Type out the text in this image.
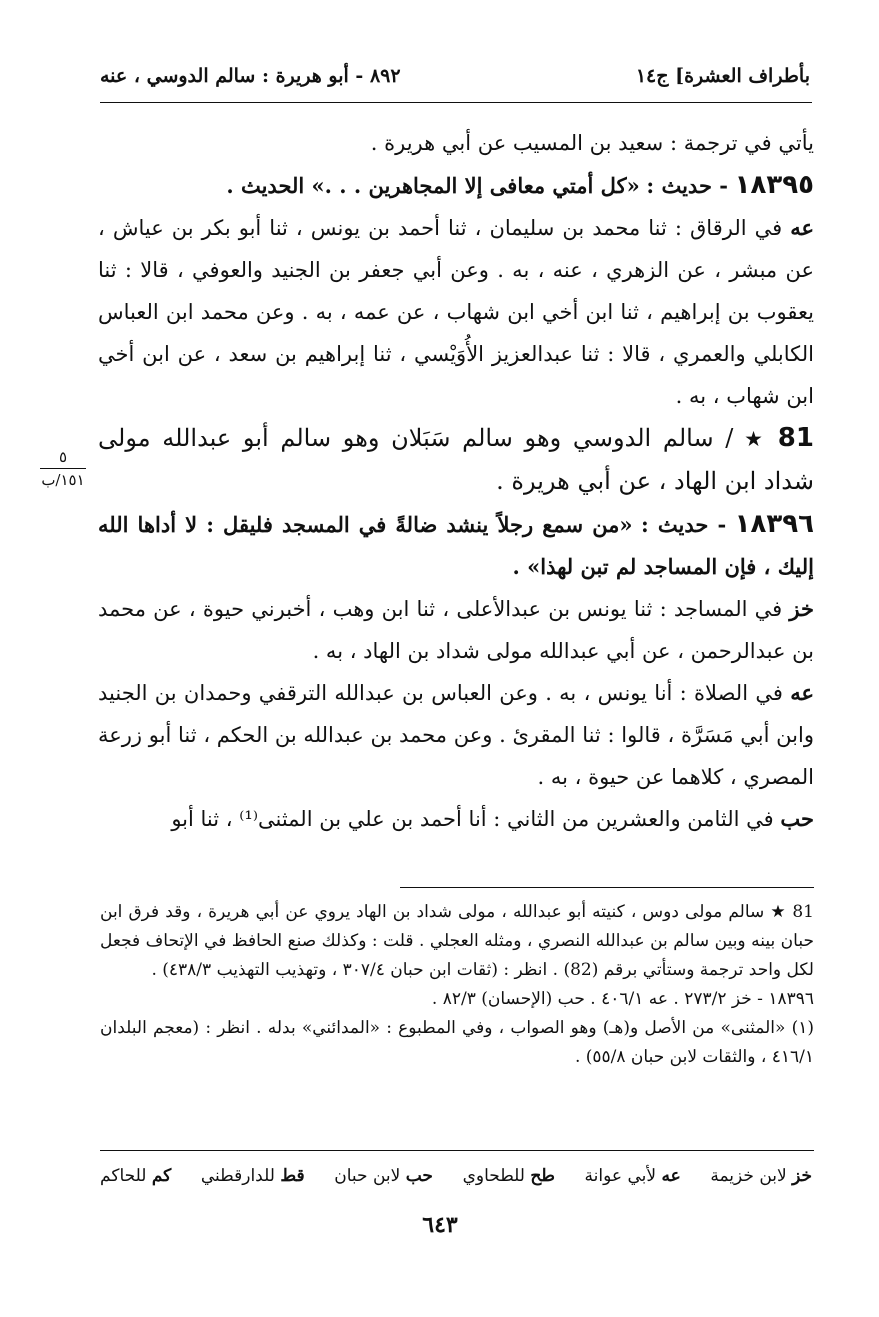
بأطراف العشرة] ج١٤
٨٩٢ - أبو هريرة : سالم الدوسي ، عنه

يأتي في ترجمة : سعيد بن المسيب عن أبي هريرة .

١٨٣٩٥ - حديث : «كل أمتي معافى إلا المجاهرين . . .» الحديث .

عه في الرقاق : ثنا محمد بن سليمان ، ثنا أحمد بن يونس ، ثنا أبو بكر بن عياش ، عن مبشر ، عن الزهري ، عنه ، به . وعن أبي جعفر بن الجنيد والعوفي ، قالا : ثنا يعقوب بن إبراهيم ، ثنا ابن أخي ابن شهاب ، عن عمه ، به . وعن محمد ابن العباس الكابلي والعمري ، قالا : ثنا عبدالعزيز الأُوَيْسي ، ثنا إبراهيم بن سعد ، عن ابن أخي ابن شهاب ، به .

81 ★ / سالم الدوسي وهو سالم سَبَلان وهو سالم أبو عبدالله مولى شداد ابن الهاد ، عن أبي هريرة .

١٨٣٩٦ - حديث : «من سمع رجلاً ينشد ضالةً في المسجد فليقل : لا أداها الله إليك ، فإن المساجد لم تبن لهذا» .

خز في المساجد : ثنا يونس بن عبدالأعلى ، ثنا ابن وهب ، أخبرني حيوة ، عن محمد بن عبدالرحمن ، عن أبي عبدالله مولى شداد بن الهاد ، به .

عه في الصلاة : أنا يونس ، به . وعن العباس بن عبدالله الترقفي وحمدان بن الجنيد وابن أبي مَسَرَّة ، قالوا : ثنا المقرئ . وعن محمد بن عبدالله بن الحكم ، ثنا أبو زرعة المصري ، كلاهما عن حيوة ، به .

حب في الثامن والعشرين من الثاني : أنا أحمد بن علي بن المثنى⁽¹⁾ ، ثنا أبو

٥
١٥١/ب

81 ★ سالم مولى دوس ، كنيته أبو عبدالله ، مولى شداد بن الهاد يروي عن أبي هريرة ، وقد فرق ابن حبان بينه وبين سالم بن عبدالله النصري ، ومثله العجلي . قلت : وكذلك صنع الحافظ في الإتحاف فجعل لكل واحد ترجمة وستأتي برقم (82) . انظر : (ثقات ابن حبان ٣٠٧/٤ ، وتهذيب التهذيب ٤٣٨/٣) .

١٨٣٩٦ - خز ٢٧٣/٢ . عه ٤٠٦/١ . حب (الإحسان) ٨٢/٣ .

(١) «المثنى» من الأصل و(هـ) وهو الصواب ، وفي المطبوع : «المدائني» بدله . انظر : (معجم البلدان ٤١٦/١ ، والثقات لابن حبان ٥٥/٨) .

خز لابن خزيمة
عه لأبي عوانة
طح للطحاوي
حب لابن حبان
قط للدارقطني
كم للحاكم
٦٤٣
